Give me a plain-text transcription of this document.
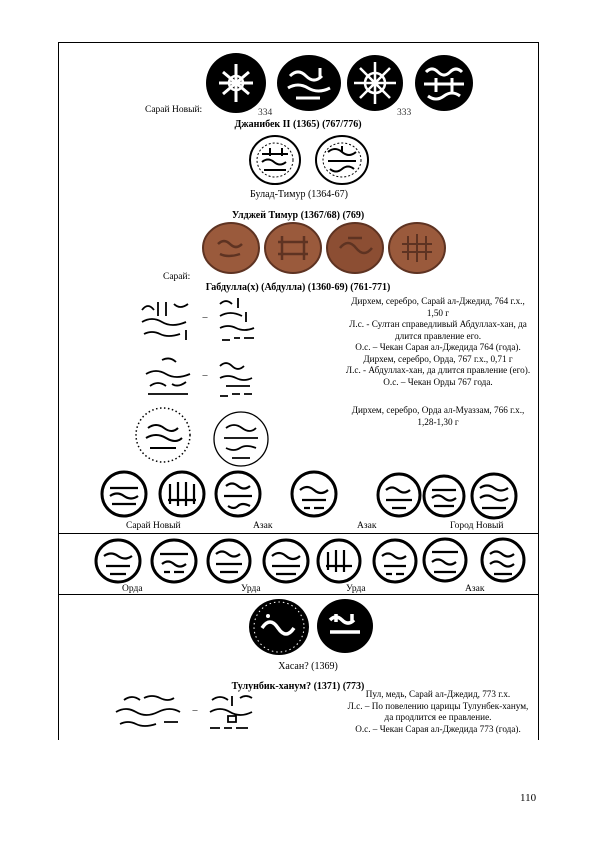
Сарай Новый:	334	333
Джанибек II (1365) (767/776)
Булад-Тимур (1364-67)
Улджей Тимур (1367/68) (769)
Сарай:
Габдулла(х) (Абдулла) (1360-69) (761-771)
–
–
Дирхем, серебро, Сарай ал-Джедид, 764 г.х.,
1,50 г
Л.с. - Султан справедливый Абдуллах-хан, да
длится правление его.
О.с. – Чекан Сарая ал-Джедида 764 (года).
Дирхем, серебро, Орда, 767 г.х., 0,71 г
Л.с. - Абдуллах-хан, да длится правление (его).
О.с. – Чекан Орды 767 года.
Дирхем, серебро, Орда ал-Муаззам, 766 г.х.,
1,28-1,30 г
Сарай Новый	Азак	Азак	Город Новый
Орда	Урда	Урда	Азак
Хасан? (1369)
Тулунбик-ханум? (1371) (773)
–
Пул, медь, Сарай ал-Джедид, 773 г.х.
Л.с. – По повелению царицы Тулунбек-ханум,
да продлится ее правление.
О.с. – Чекан Сарая ал-Джедида 773 (года).
110
